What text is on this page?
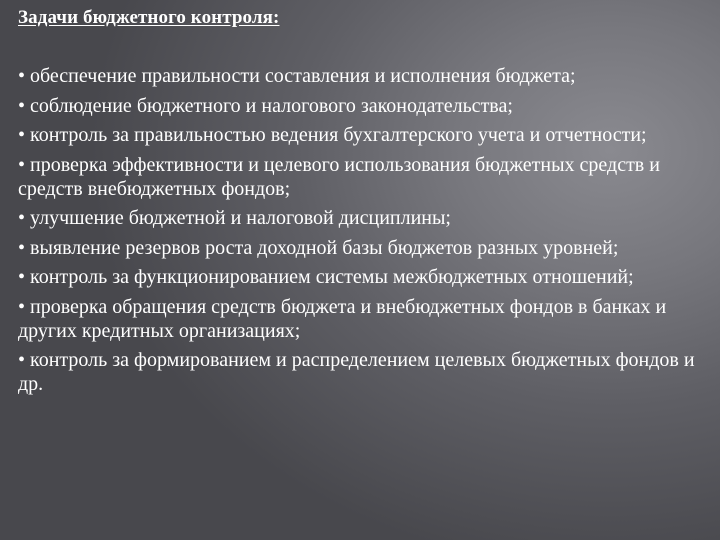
Задачи бюджетного контроля:
• обеспечение правильности составления и исполнения бюджета;
• соблюдение бюджетного и налогового законодательства;
• контроль за правильностью ведения бухгалтерского учета и отчетности;
• проверка эффективности и целевого использования бюджетных средств и средств внебюджетных фондов;
• улучшение бюджетной и налоговой дисциплины;
• выявление резервов роста доходной базы бюджетов разных уровней;
• контроль за функционированием системы межбюджетных отношений;
• проверка обращения средств бюджета и внебюджетных фондов в банках и других кредитных организациях;
• контроль за формированием и распределением целевых бюджетных фондов и др.
